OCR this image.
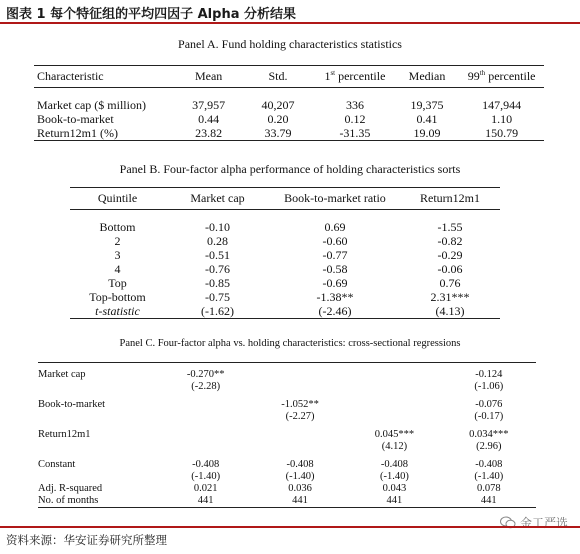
图表 1 每个特征组的平均四因子 Alpha 分析结果
Panel A. Fund holding characteristics statistics
Characteristic	Mean	Std.	1st percentile	Median	99th percentile

Market cap ($ million)	37,957	40,207	336	19,375	147,944
Book-to-market	0.44	0.20	0.12	0.41	1.10
Return12m1 (%)	23.82	33.79	-31.35	19.09	150.79
Panel B. Four-factor alpha performance of holding characteristics sorts
Quintile	Market cap	Book-to-market ratio	Return12m1

Bottom	-0.10	0.69	-1.55
2	0.28	-0.60	-0.82
3	-0.51	-0.77	-0.29
4	-0.76	-0.58	-0.06
Top	-0.85	-0.69	0.76
Top-bottom	-0.75	-1.38**	2.31***
t-statistic	(-1.62)	(-2.46)	(4.13)
Panel C. Four-factor alpha vs. holding characteristics: cross-sectional regressions

Market cap	-0.270**			-0.124
	(-2.28)			(-1.06)

Book-to-market		-1.052**		-0.076
		(-2.27)		(-0.17)

Return12m1			0.045***	0.034***
			(4.12)	(2.96)

Constant	-0.408	-0.408	-0.408	-0.408
	(-1.40)	(-1.40)	(-1.40)	(-1.40)
Adj. R-squared	0.021	0.036	0.043	0.078
No. of months	441	441	441	441
金工严选
资料来源：华安证券研究所整理
